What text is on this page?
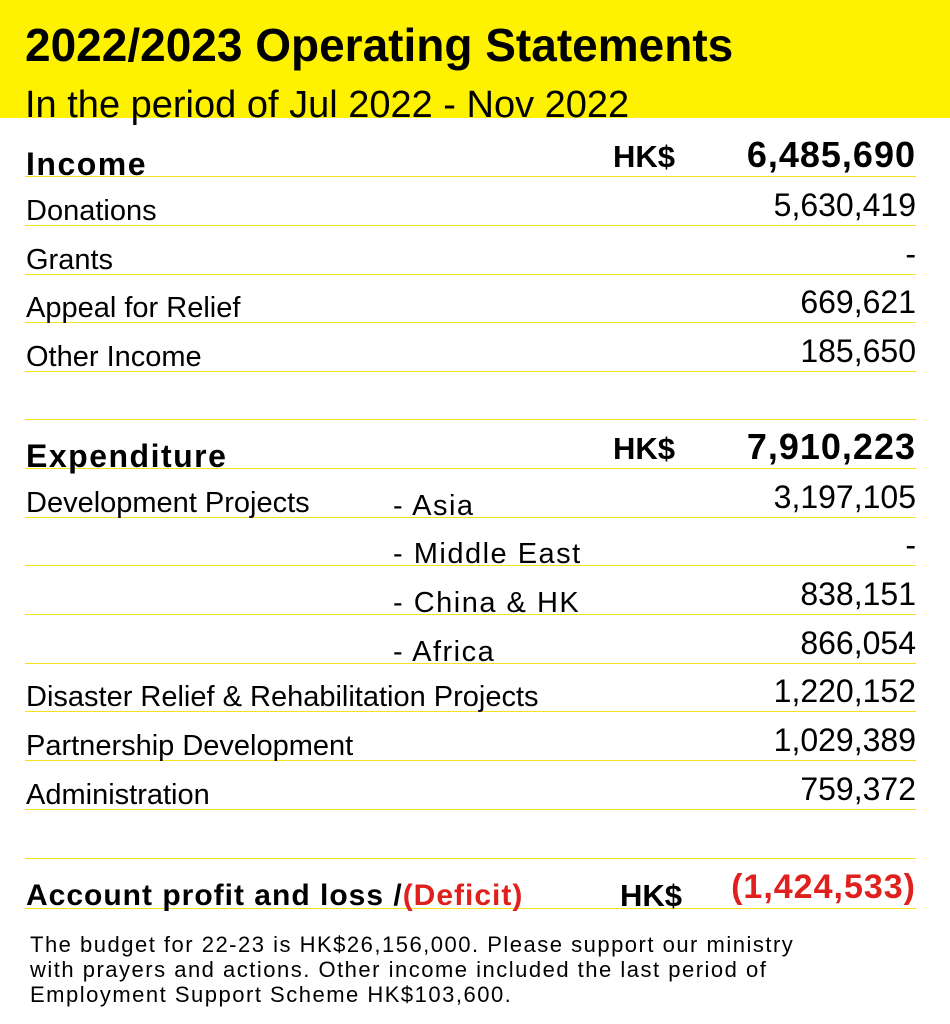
2022/2023 Operating Statements
In the period of Jul 2022 - Nov 2022
Income	HK$ 6,485,690
Donations	5,630,419
Grants	-
Appeal for Relief	669,621
Other Income	185,650
Expenditure	HK$ 7,910,223
Development Projects	- Asia	3,197,105
- Middle East	-
- China & HK	838,151
- Africa	866,054
Disaster Relief & Rehabilitation Projects	1,220,152
Partnership Development	1,029,389
Administration	759,372
Account profit and loss /(Deficit)	HK$ (1,424,533)
The budget for 22-23 is HK$26,156,000. Please support our ministry
with prayers and actions. Other income included the last period of
Employment Support Scheme HK$103,600.
